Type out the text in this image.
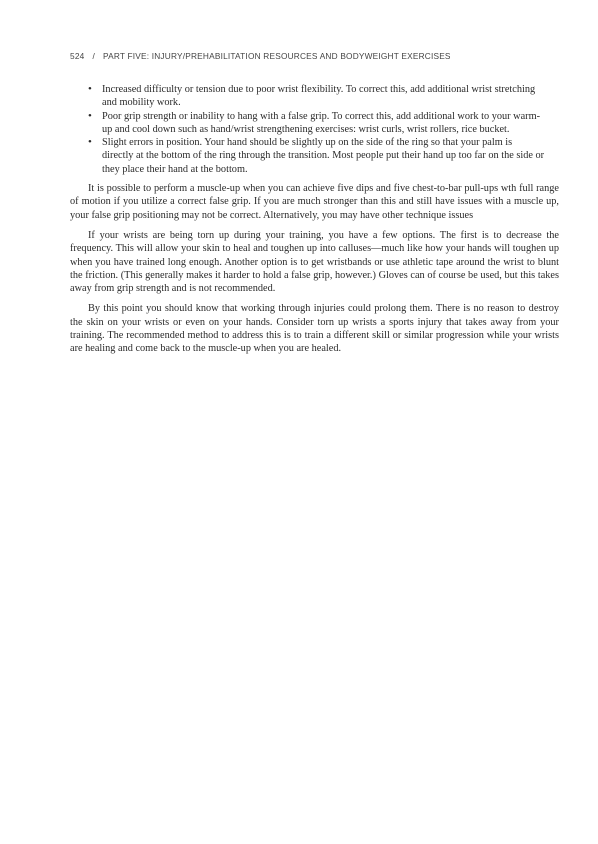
524 / PART FIVE: INJURY/PREHABILITATION RESOURCES AND BODYWEIGHT EXERCISES
• Increased difficulty or tension due to poor wrist flexibility. To correct this, add additional wrist stretching and mobility work.
• Poor grip strength or inability to hang with a false grip. To correct this, add additional work to your warm-up and cool down such as hand/wrist strengthening exercises: wrist curls, wrist rollers, rice bucket.
• Slight errors in position. Your hand should be slightly up on the side of the ring so that your palm is directly at the bottom of the ring through the transition. Most people put their hand up too far on the side or they place their hand at the bottom.

It is possible to perform a muscle-up when you can achieve five dips and five chest-to-bar pull-ups wth full range of motion if you utilize a correct false grip. If you are much stronger than this and still have issues with a muscle up, your false grip positioning may not be correct. Alternatively, you may have other technique issues

If your wrists are being torn up during your training, you have a few options. The first is to decrease the frequency. This will allow your skin to heal and toughen up into calluses—much like how your hands will toughen up when you have trained long enough. Another option is to get wristbands or use athletic tape around the wrist to blunt the friction. (This generally makes it harder to hold a false grip, however.) Gloves can of course be used, but this takes away from grip strength and is not recommended.

By this point you should know that working through injuries could prolong them. There is no reason to destroy the skin on your wrists or even on your hands. Consider torn up wrists a sports injury that takes away from your training. The recommended method to address this is to train a different skill or similar progression while your wrists are healing and come back to the muscle-up when you are healed.
